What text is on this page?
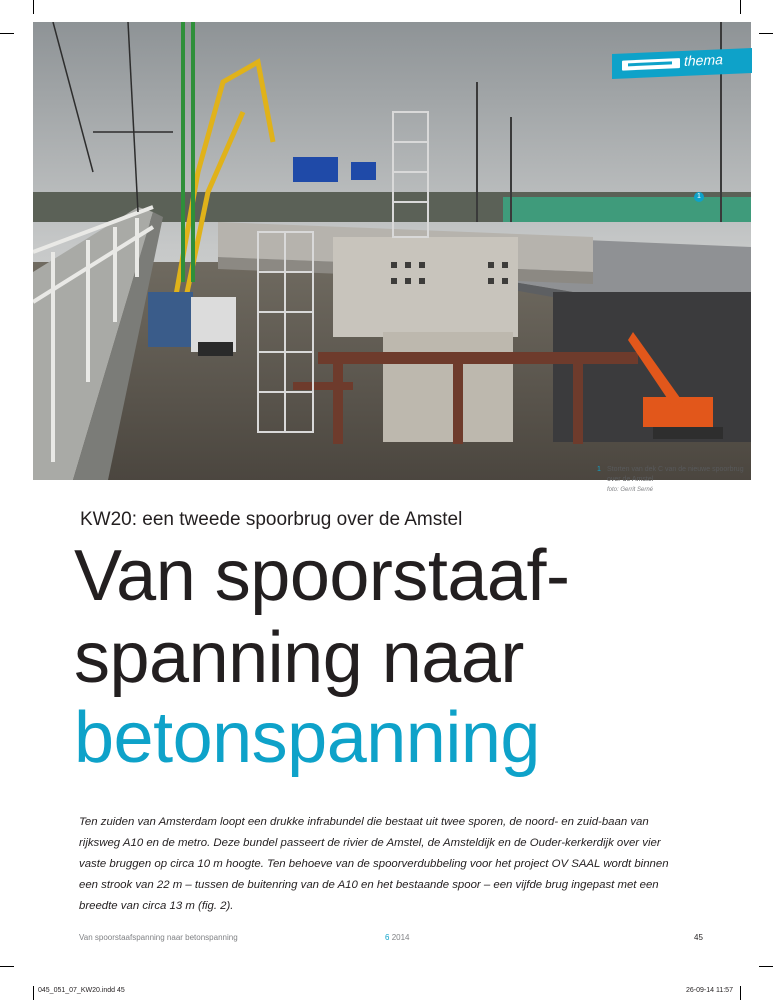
1
thema
1 Storten van dek C van de nieuwe spoorbrug over de Amstel
foto: Gerrit Serné
KW20: een tweede spoorbrug over de Amstel
Van spoorstaaf-
spanning naar
betonspanning
Ten zuiden van Amsterdam loopt een drukke infrabundel die bestaat uit twee sporen, de noord- en zuid-baan van rijksweg A10 en de metro. Deze bundel passeert de rivier de Amstel, de Amsteldijk en de Ouder-kerkerdijk over vier vaste bruggen op circa 10 m hoogte. Ten behoeve van de spoorverdubbeling voor het project OV SAAL wordt binnen een strook van 22 m – tussen de buitenring van de A10 en het bestaande spoor – een vijfde brug ingepast met een breedte van circa 13 m (fig. 2).
Van spoorstaafspanning naar betonspanning	6 2014	45
045_051_07_KW20.indd 45	26-09-14 11:57
